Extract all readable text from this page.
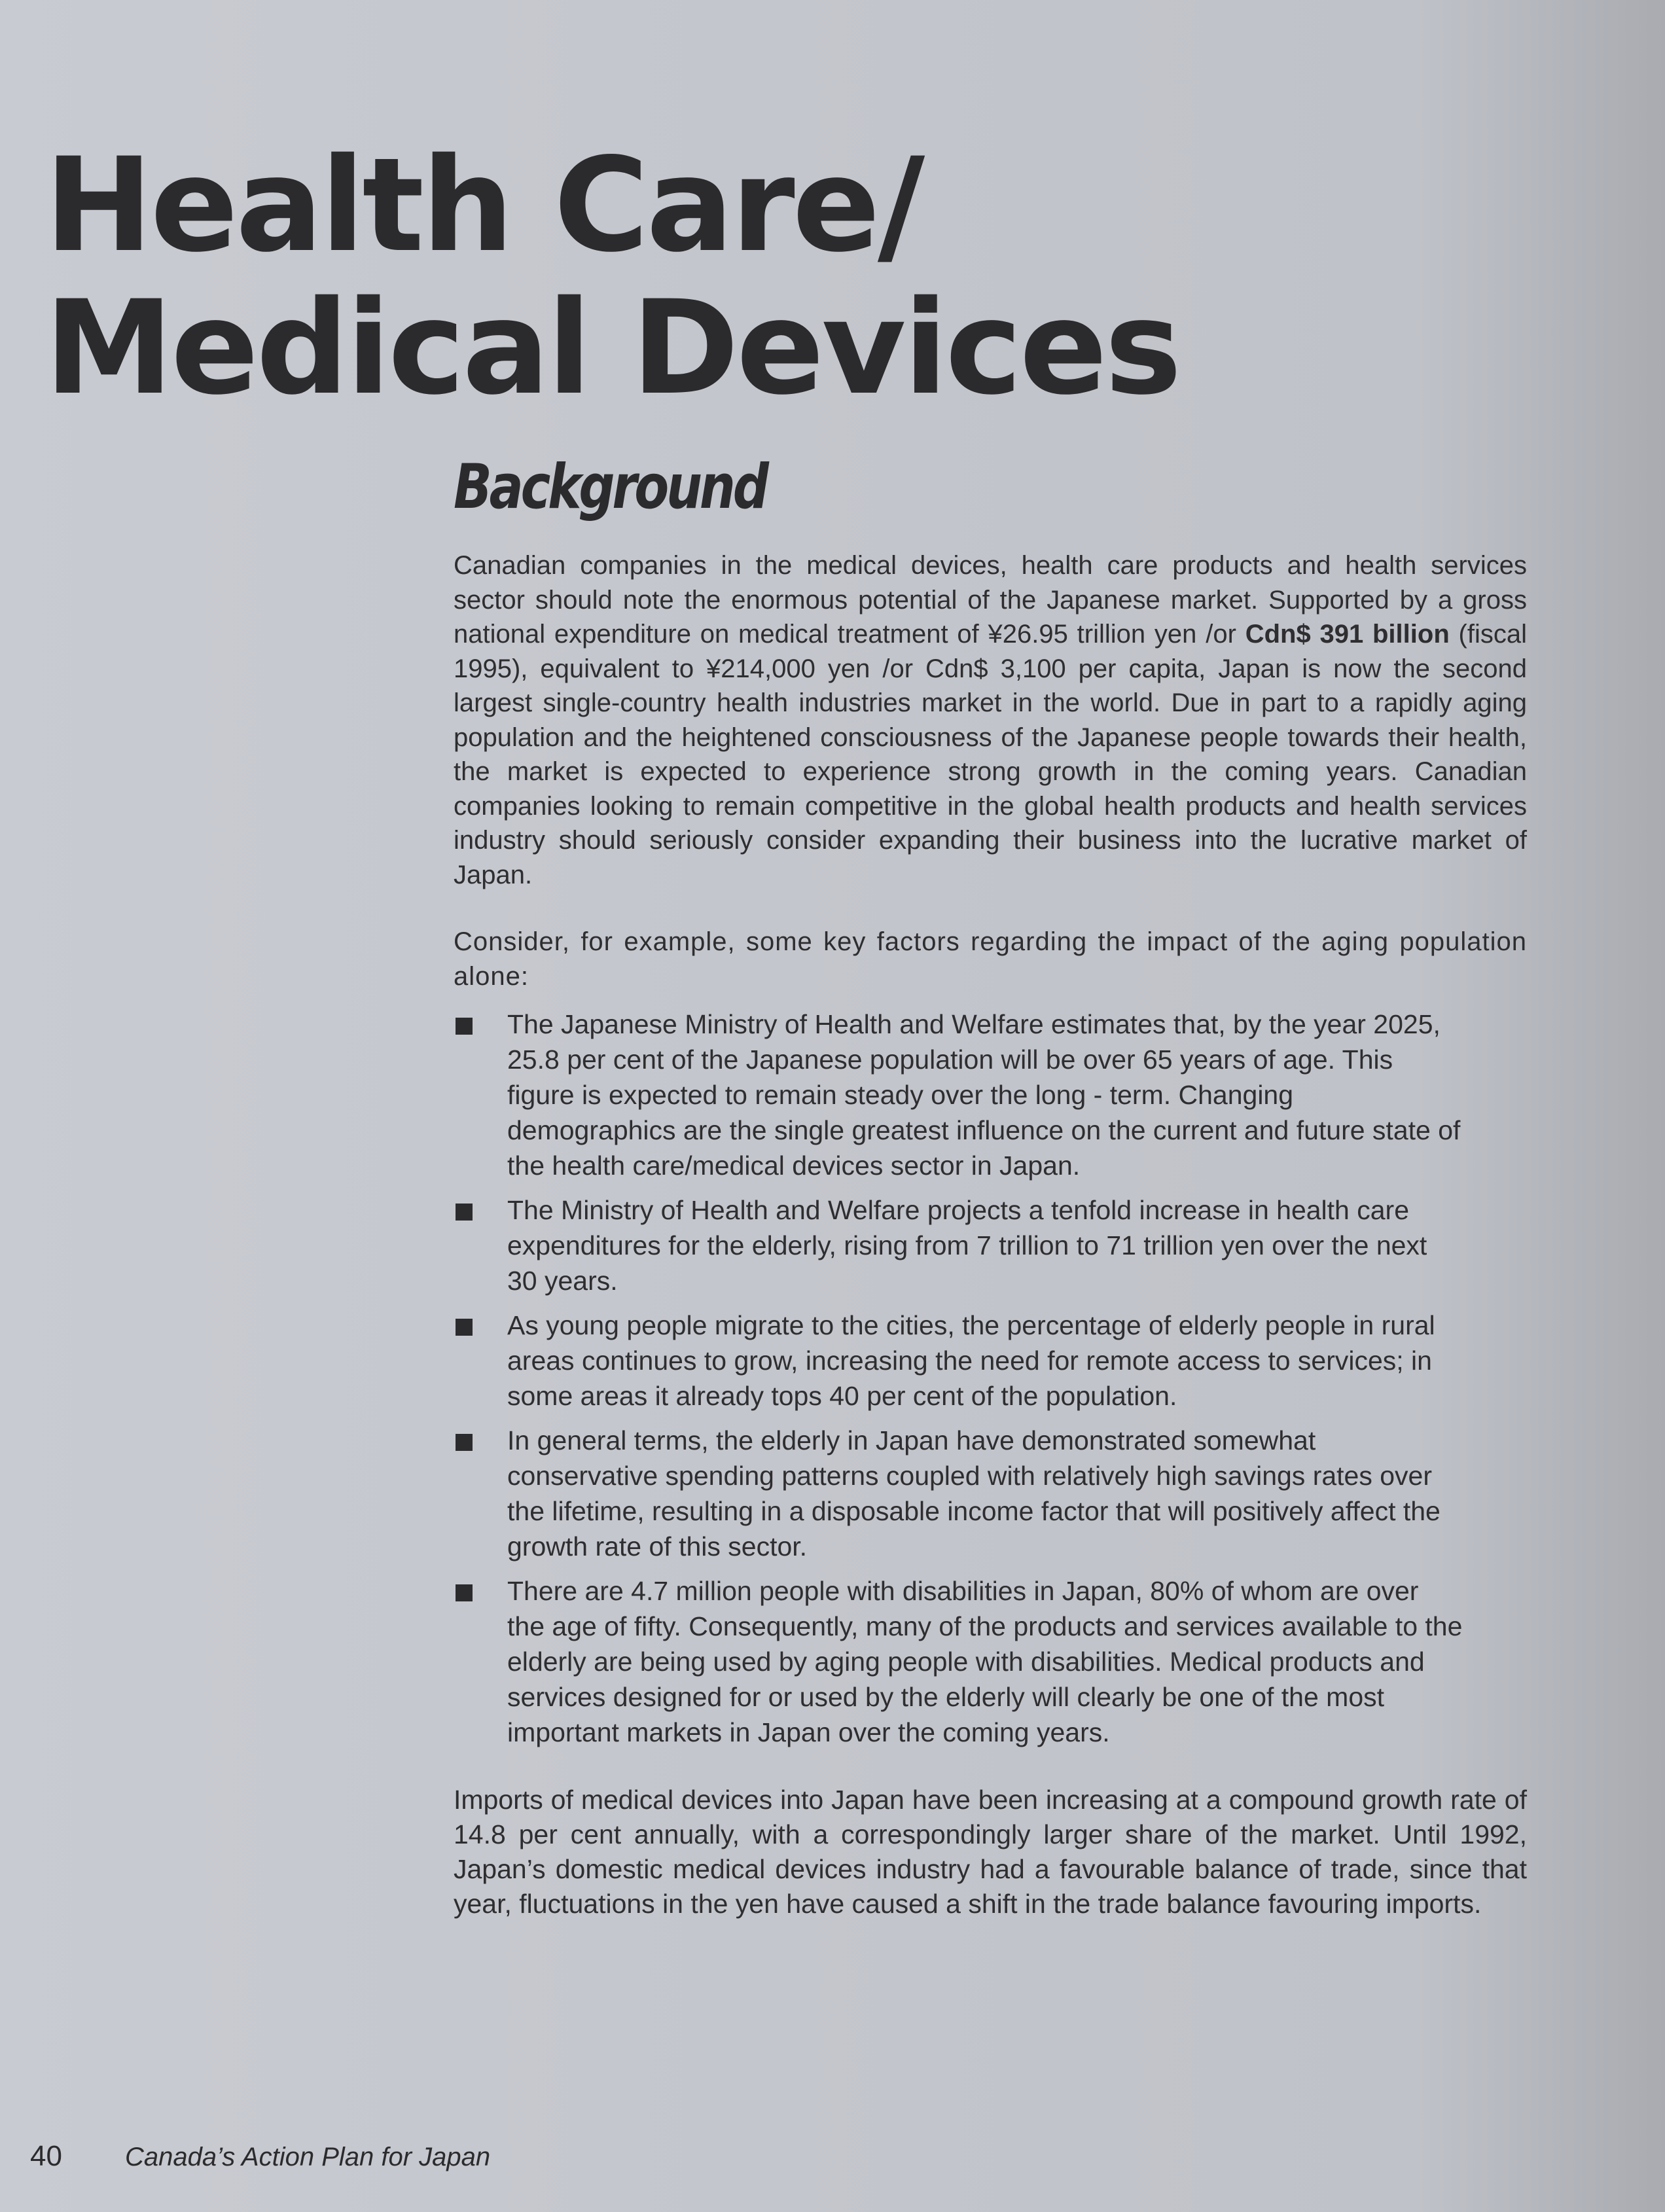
Health Care/
Medical Devices
Background

Canadian companies in the medical devices, health care products and health services sector should note the enormous potential of the Japanese market. Supported by a gross national expenditure on medical treatment of ¥26.95 trillion yen /or Cdn$ 391 billion (fiscal 1995), equivalent to ¥214,000 yen /or Cdn$ 3,100 per capita, Japan is now the second largest single-country health industries market in the world. Due in part to a rapidly aging population and the heightened consciousness of the Japanese people towards their health, the market is expected to experience strong growth in the coming years. Canadian companies looking to remain competitive in the global health products and health services industry should seriously consider expanding their business into the lucrative market of Japan.

Consider, for example, some key factors regarding the impact of the aging population alone:

The Japanese Ministry of Health and Welfare estimates that, by the year 2025, 25.8 per cent of the Japanese population will be over 65 years of age. This figure is expected to remain steady over the long - term. Changing demographics are the single greatest influence on the current and future state of the health care/medical devices sector in Japan.
The Ministry of Health and Welfare projects a tenfold increase in health care expenditures for the elderly, rising from 7 trillion to 71 trillion yen over the next 30 years.
As young people migrate to the cities, the percentage of elderly people in rural areas continues to grow, increasing the need for remote access to services; in some areas it already tops 40 per cent of the population.
In general terms, the elderly in Japan have demonstrated somewhat conservative spending patterns coupled with relatively high savings rates over the lifetime, resulting in a disposable income factor that will positively affect the growth rate of this sector.
There are 4.7 million people with disabilities in Japan, 80% of whom are over the age of fifty. Consequently, many of the products and services available to the elderly are being used by aging people with disabilities. Medical products and services designed for or used by the elderly will clearly be one of the most important markets in Japan over the coming years.

Imports of medical devices into Japan have been increasing at a compound growth rate of 14.8 per cent annually, with a correspondingly larger share of the market. Until 1992, Japan’s domestic medical devices industry had a favourable balance of trade, since that year, fluctuations in the yen have caused a shift in the trade balance favouring imports.

40 Canada’s Action Plan for Japan
